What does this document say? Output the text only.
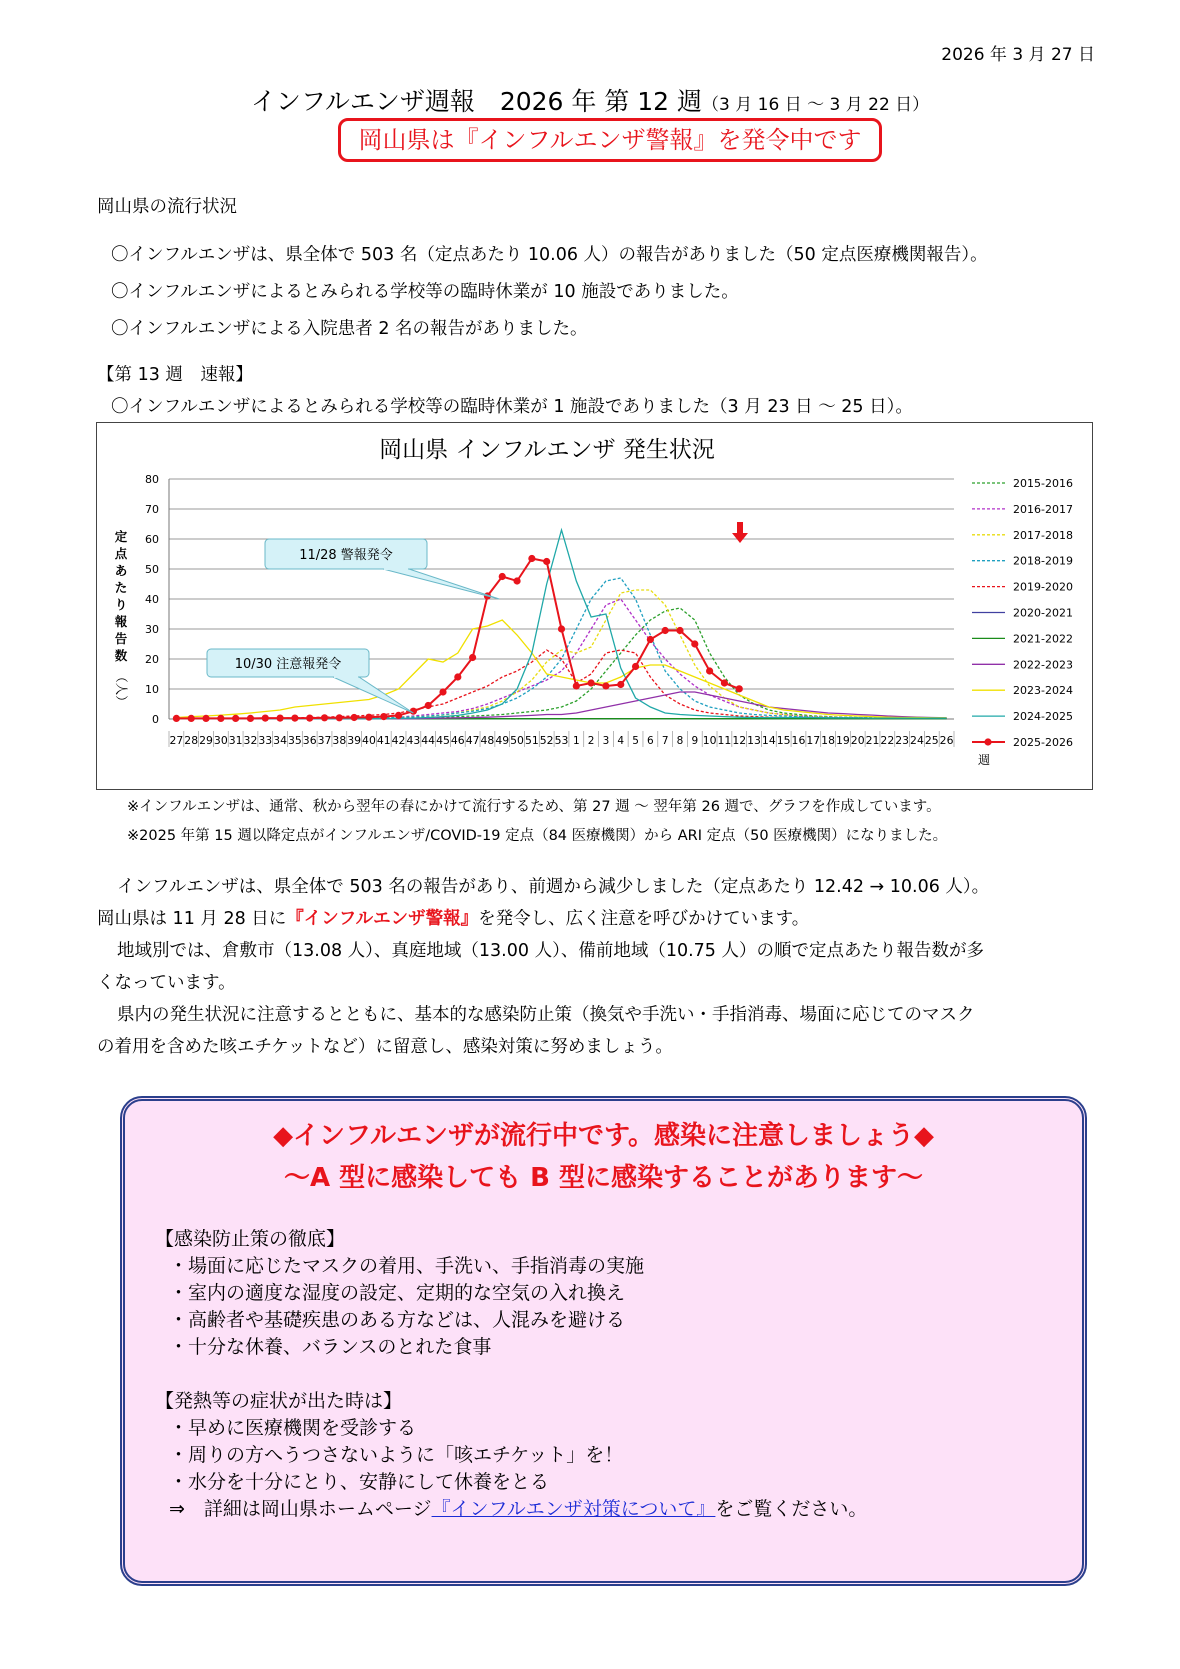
2026 年 3 月 27 日
インフルエンザ週報　2026 年 第 12 週（3 月 16 日 ～ 3 月 22 日）
岡山県は『インフルエンザ警報』を発令中です
岡山県の流行状況
〇インフルエンザは、県全体で 503 名（定点あたり 10.06 人）の報告がありました（50 定点医療機関報告）。
〇インフルエンザによるとみられる学校等の臨時休業が 10 施設でありました。
〇インフルエンザによる入院患者 2 名の報告がありました。
【第 13 週　速報】
〇インフルエンザによるとみられる学校等の臨時休業が 1 施設でありました（3 月 23 日 ～ 25 日）。
岡山県 インフルエンザ 発生状況
0
10
20
30
40
50
60
70
80
定
点
あ
た
り
報
告
数
（人）
27 28 29 30 31 32 33 34 35 36 37 38 39 40 41 42 43 44 45 46 47 48 49 50 51 52 53 1 2 3 4 5 6 7 8 9 10 11 12 13 14 15 16 17 18 19 20 21 22 23 24 25 26
週
11/28 警報発令
10/30 注意報発令
2015-2016
2016-2017
2017-2018
2018-2019
2019-2020
2020-2021
2021-2022
2022-2023
2023-2024
2024-2025
2025-2026
※インフルエンザは、通常、秋から翌年の春にかけて流行するため、第 27 週 ～ 翌年第 26 週で、グラフを作成しています。
※2025 年第 15 週以降定点がインフルエンザ/COVID-19 定点（84 医療機関）から ARI 定点（50 医療機関）になりました。
インフルエンザは、県全体で 503 名の報告があり、前週から減少しました（定点あたり 12.42 → 10.06 人）。
岡山県は 11 月 28 日に『インフルエンザ警報』を発令し、広く注意を呼びかけています。
地域別では、倉敷市（13.08 人）、真庭地域（13.00 人）、備前地域（10.75 人）の順で定点あたり報告数が多
くなっています。
県内の発生状況に注意するとともに、基本的な感染防止策（換気や手洗い・手指消毒、場面に応じてのマスク
の着用を含めた咳エチケットなど）に留意し、感染対策に努めましょう。
◆インフルエンザが流行中です。感染に注意しましょう◆
～A 型に感染しても B 型に感染することがあります～
【感染防止策の徹底】
・場面に応じたマスクの着用、手洗い、手指消毒の実施
・室内の適度な湿度の設定、定期的な空気の入れ換え
・高齢者や基礎疾患のある方などは、人混みを避ける
・十分な休養、バランスのとれた食事
【発熱等の症状が出た時は】
・早めに医療機関を受診する
・周りの方へうつさないように「咳エチケット」を！
・水分を十分にとり、安静にして休養をとる
⇒　詳細は岡山県ホームページ『インフルエンザ対策について』をご覧ください。
